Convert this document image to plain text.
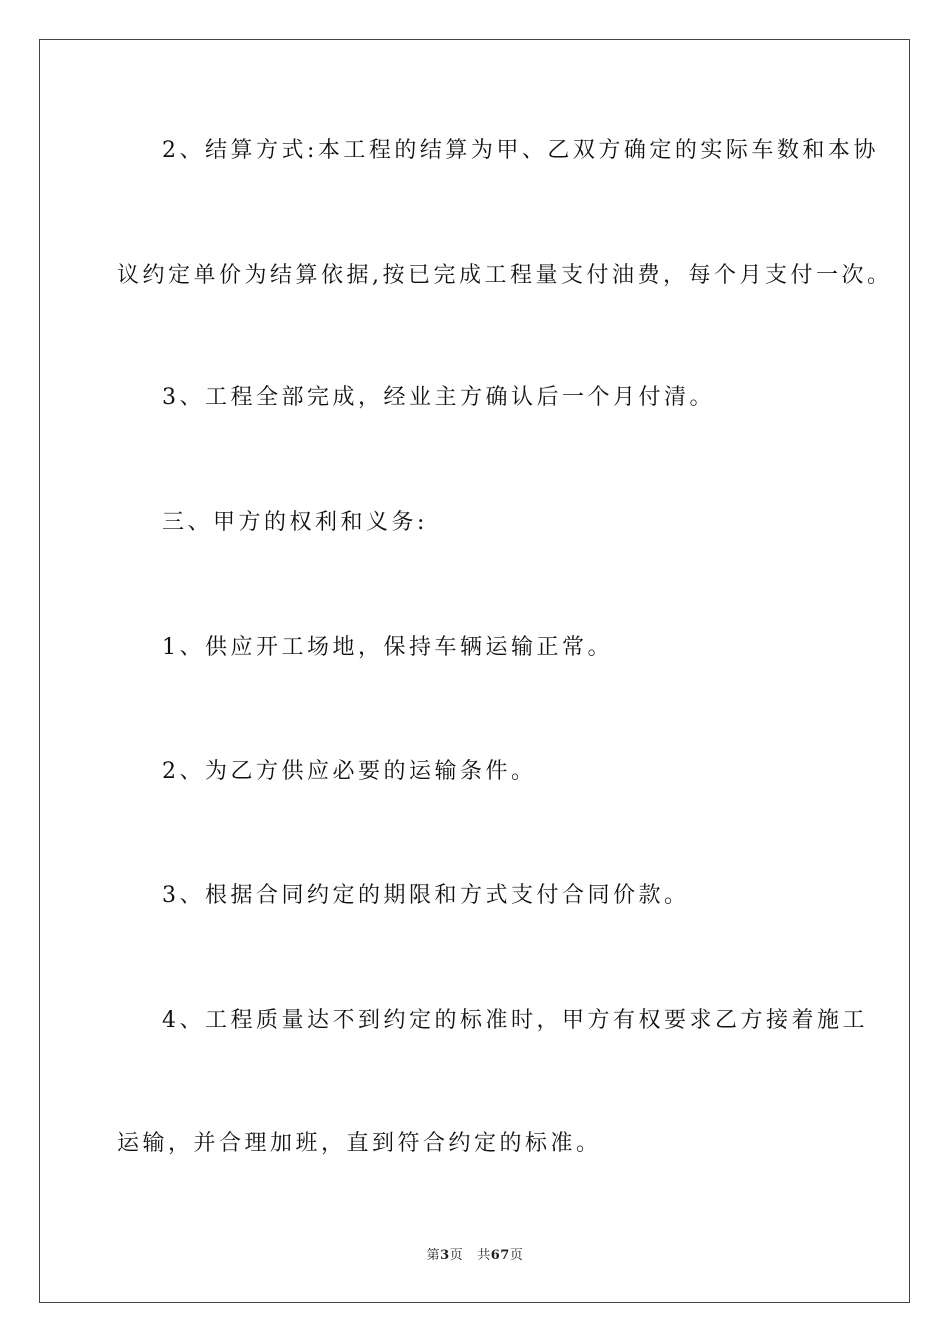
2、结算方式:本工程的结算为甲、乙双方确定的实际车数和本协
议约定单价为结算依据,按已完成工程量支付油费，每个月支付一次。
3、工程全部完成，经业主方确认后一个月付清。
三、甲方的权利和义务:
1、供应开工场地，保持车辆运输正常。
2、为乙方供应必要的运输条件。
3、根据合同约定的期限和方式支付合同价款。
4、工程质量达不到约定的标准时，甲方有权要求乙方接着施工
运输，并合理加班，直到符合约定的标准。
第3页 共67页
